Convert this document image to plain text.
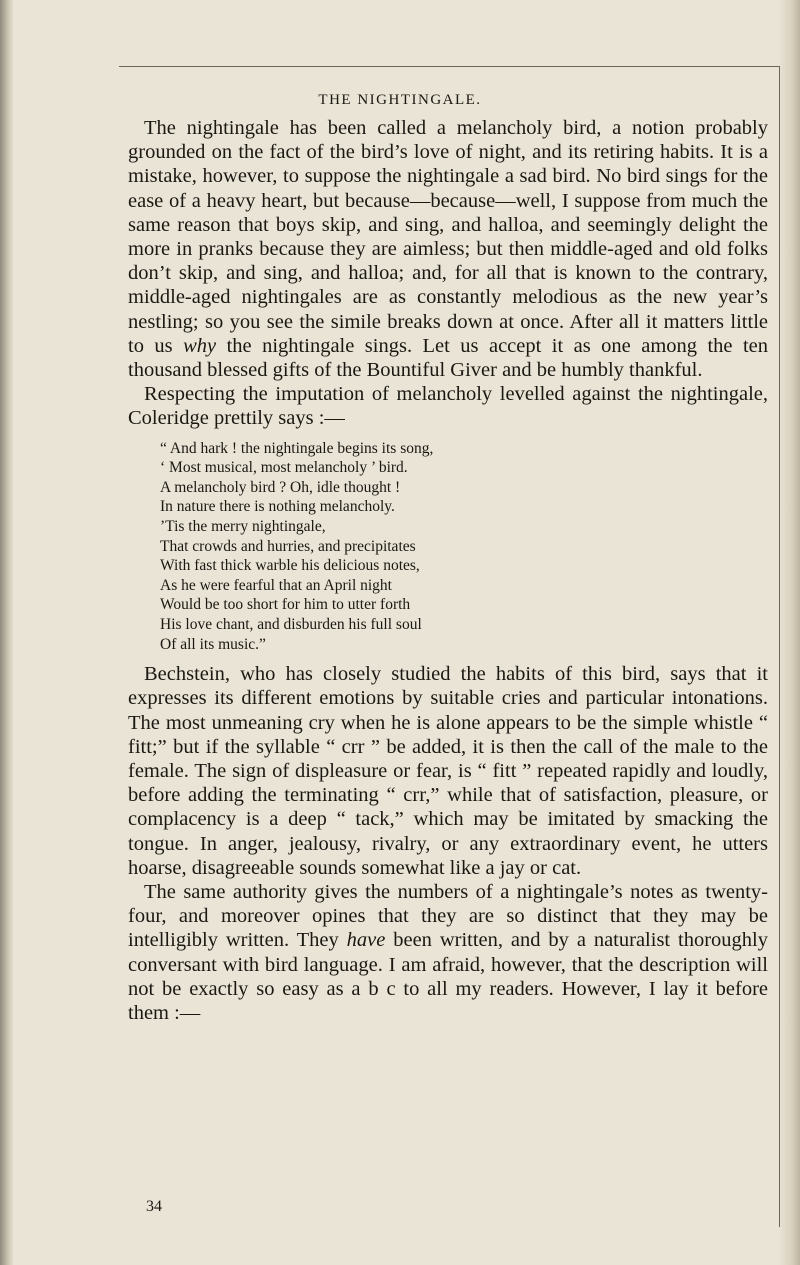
THE NIGHTINGALE.

The nightingale has been called a melancholy bird, a notion probably grounded on the fact of the bird’s love of night, and its retiring habits. It is a mistake, however, to suppose the nightingale a sad bird. No bird sings for the ease of a heavy heart, but because—because—well, I suppose from much the same reason that boys skip, and sing, and halloa, and seemingly delight the more in pranks because they are aimless; but then middle-aged and old folks don’t skip, and sing, and halloa; and, for all that is known to the contrary, middle-aged nightingales are as constantly melodious as the new year’s nestling; so you see the simile breaks down at once. After all it matters little to us why the nightingale sings. Let us accept it as one among the ten thousand blessed gifts of the Bountiful Giver and be humbly thankful.

Respecting the imputation of melancholy levelled against the nightingale, Coleridge prettily says :—

“ And hark ! the nightingale begins its song,
‘ Most musical, most melancholy ’ bird.
A melancholy bird ? Oh, idle thought !
In nature there is nothing melancholy.
’Tis the merry nightingale,
That crowds and hurries, and precipitates
With fast thick warble his delicious notes,
As he were fearful that an April night
Would be too short for him to utter forth
His love chant, and disburden his full soul
Of all its music.”

Bechstein, who has closely studied the habits of this bird, says that it expresses its different emotions by suitable cries and particular intonations. The most unmeaning cry when he is alone appears to be the simple whistle “ fitt;” but if the syllable “ crr ” be added, it is then the call of the male to the female. The sign of displeasure or fear, is “ fitt ” repeated rapidly and loudly, before adding the terminating “ crr,” while that of satisfaction, pleasure, or complacency is a deep “ tack,” which may be imitated by smacking the tongue. In anger, jealousy, rivalry, or any extraordinary event, he utters hoarse, disagreeable sounds somewhat like a jay or cat.

The same authority gives the numbers of a nightingale’s notes as twenty-four, and moreover opines that they are so distinct that they may be intelligibly written. They have been written, and by a naturalist thoroughly conversant with bird language. I am afraid, however, that the description will not be exactly so easy as a b c to all my readers. However, I lay it before them :—

34
